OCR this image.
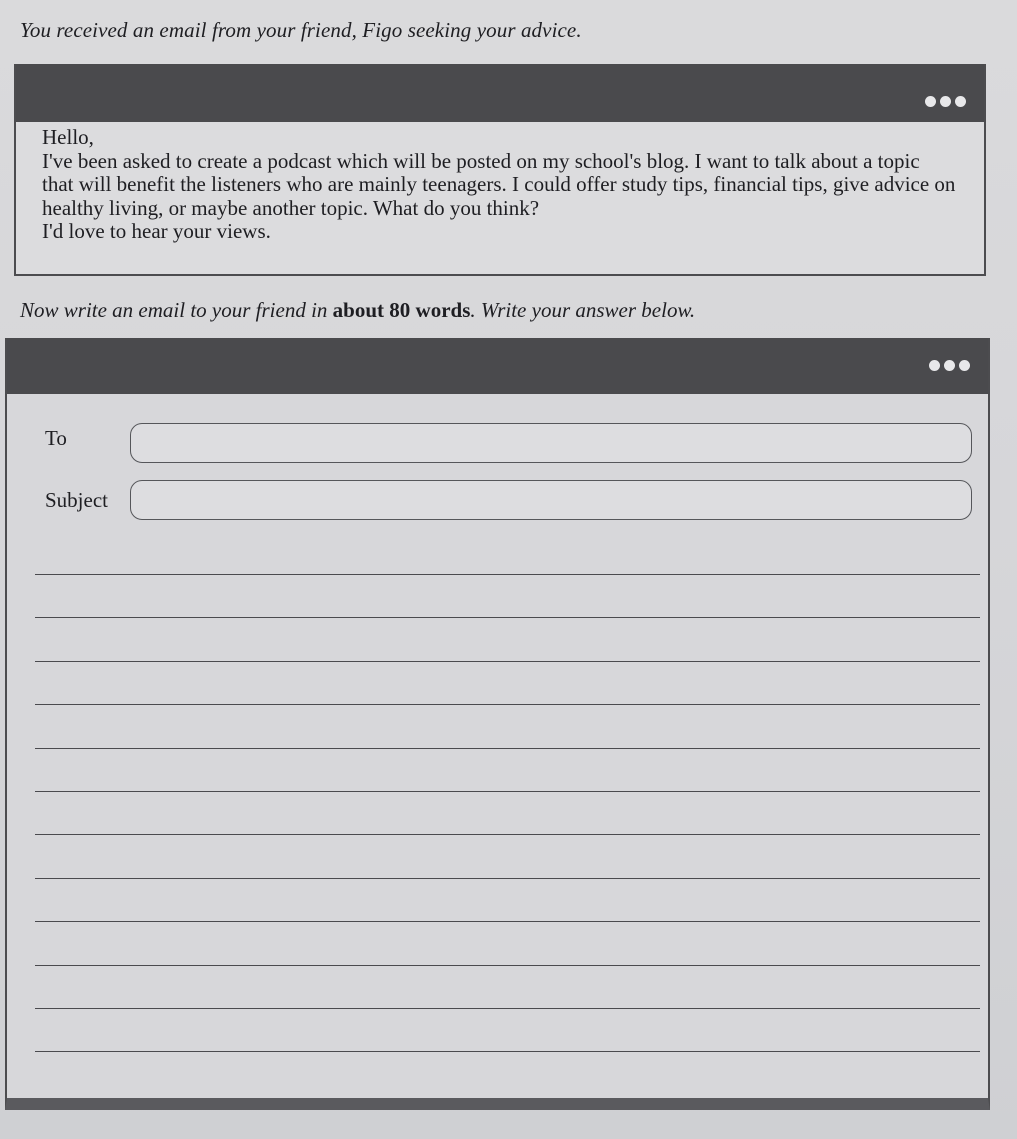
You received an email from your friend, Figo seeking your advice.

Hello,

I've been asked to create a podcast which will be posted on my school's blog. I want to talk about a topic

that will benefit the listeners who are mainly teenagers. I could offer study tips, financial tips, give advice on

healthy living, or maybe another topic. What do you think?

I'd love to hear your views.

Now write an email to your friend in about 80 words. Write your answer below.
To
Subject
